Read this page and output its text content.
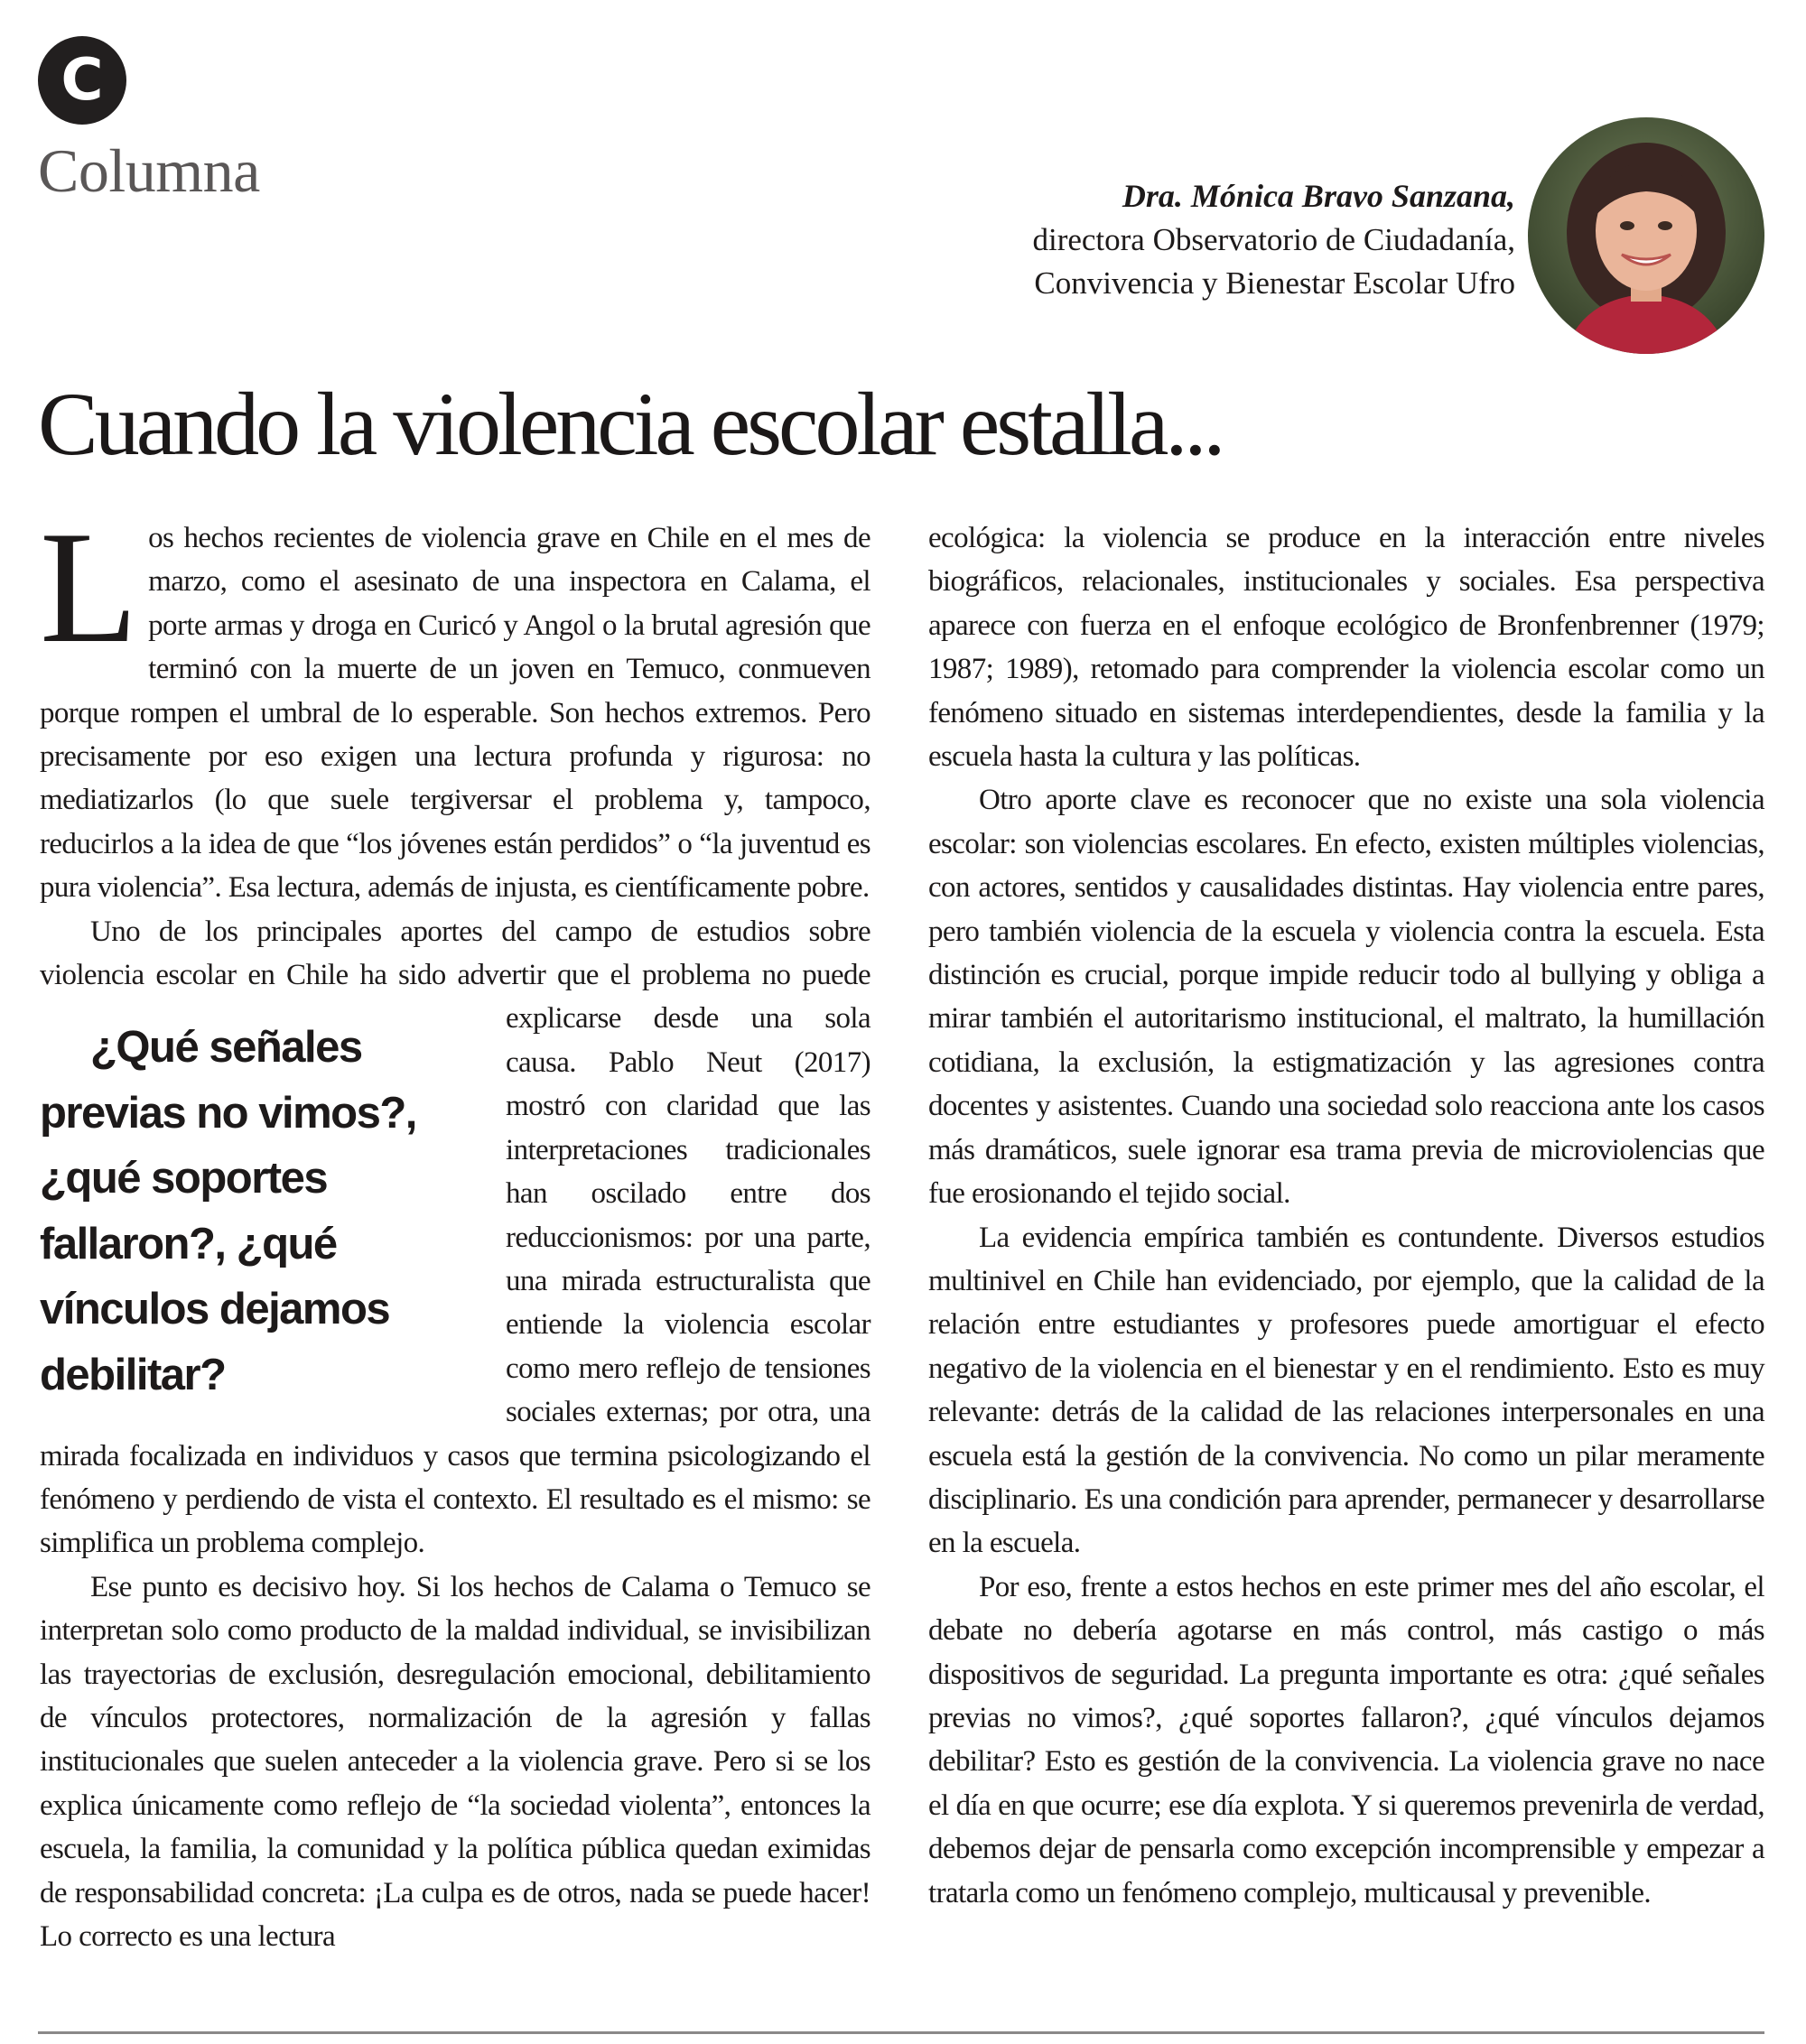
C
Columna	Dra. Mónica Bravo Sanzana,
directora Observatorio de Ciudadanía,
Convivencia y Bienestar Escolar Ufro
Cuando la violencia escolar estalla...

Los hechos recientes de violencia grave en Chile en el mes de marzo, como el asesinato de una inspectora en Calama, el porte armas y droga en Curicó y Angol o la brutal agresión que terminó con la muerte de un joven en Temuco, conmueven porque rompen el umbral de lo esperable. Son hechos extremos. Pero precisamente por eso exigen una lectura profunda y rigurosa: no mediatizarlos (lo que suele tergiversar el problema y, tampoco, reducirlos a la idea de que “los jóvenes están perdidos” o “la juventud es pura violencia”. Esa lectura, además de injusta, es científicamente pobre.

Uno de los principales aportes del campo de estudios sobre violencia escolar en Chile ha sido advertir que el problema no
¿Qué señales previas no vimos?, ¿qué soportes fallaron?, ¿qué vínculos dejamos debilitar?
puede explicarse desde una sola causa. Pablo Neut (2017) mostró con claridad que las interpretaciones tradicionales han oscilado entre dos reduccionismos: por una parte, una mirada estructuralista que entiende la violencia escolar como mero reflejo de tensiones sociales externas; por otra, una mirada focalizada en individuos y casos que termina psicologizando el fenómeno y perdiendo de vista el contexto. El resultado es el mismo: se simplifica un problema complejo.

Ese punto es decisivo hoy. Si los hechos de Calama o Temuco se interpretan solo como producto de la maldad individual, se invisibilizan las trayectorias de exclusión, desregulación emocional, debilitamiento de vínculos protectores, normalización de la agresión y fallas institucionales que suelen anteceder a la violencia grave. Pero si se los explica únicamente como reflejo de “la sociedad violenta”, entonces la escuela, la familia, la comunidad y la política pública quedan eximidas de responsabilidad concreta: ¡La culpa es de otros, nada se puede hacer! Lo correcto es una lectura

ecológica: la violencia se produce en la interacción entre niveles biográficos, relacionales, institucionales y sociales. Esa perspectiva aparece con fuerza en el enfoque ecológico de Bronfenbrenner (1979; 1987; 1989), retomado para comprender la violencia escolar como un fenómeno situado en sistemas interdependientes, desde la familia y la escuela hasta la cultura y las políticas.

Otro aporte clave es reconocer que no existe una sola violencia escolar: son violencias escolares. En efecto, existen múltiples violencias, con actores, sentidos y causalidades distintas. Hay violencia entre pares, pero también violencia de la escuela y violencia contra la escuela. Esta distinción es crucial, porque impide reducir todo al bullying y obliga a mirar también el autoritarismo institucional, el maltrato, la humillación cotidiana, la exclusión, la estigmatización y las agresiones contra docentes y asistentes. Cuando una sociedad solo reacciona ante los casos más dramáticos, suele ignorar esa trama previa de microviolencias que fue erosionando el tejido social.

La evidencia empírica también es contundente. Diversos estudios multinivel en Chile han evidenciado, por ejemplo, que la calidad de la relación entre estudiantes y profesores puede amortiguar el efecto negativo de la violencia en el bienestar y en el rendimiento. Esto es muy relevante: detrás de la calidad de las relaciones interpersonales en una escuela está la gestión de la convivencia. No como un pilar meramente disciplinario. Es una condición para aprender, permanecer y desarrollarse en la escuela.

Por eso, frente a estos hechos en este primer mes del año escolar, el debate no debería agotarse en más control, más castigo o más dispositivos de seguridad. La pregunta importante es otra: ¿qué señales previas no vimos?, ¿qué soportes fallaron?, ¿qué vínculos dejamos debilitar? Esto es gestión de la convivencia. La violencia grave no nace el día en que ocurre; ese día explota. Y si queremos prevenirla de verdad, debemos dejar de pensarla como excepción incomprensible y empezar a tratarla como un fenómeno complejo, multicausal y prevenible.
